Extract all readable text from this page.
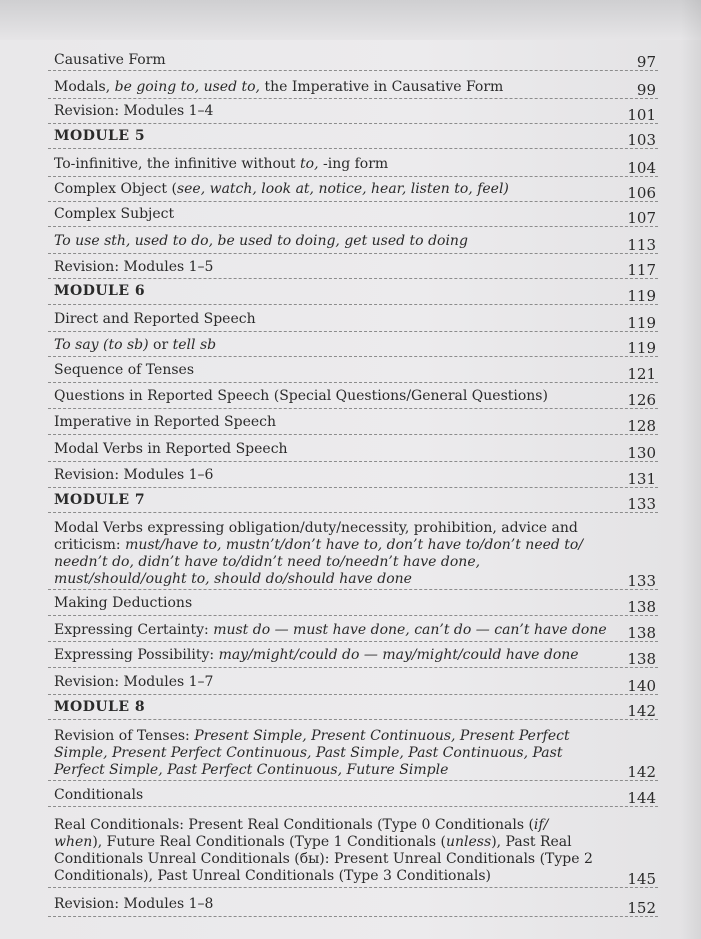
Causative Form	97
Modals, be going to, used to, the Imperative in Causative Form	99
Revision: Modules 1–4	101
MODULE 5	103
To-infinitive, the infinitive without to, -ing form	104
Complex Object (see, watch, look at, notice, hear, listen to, feel)	106
Complex Subject	107
To use sth, used to do, be used to doing, get used to doing	113
Revision: Modules 1–5	117
MODULE 6	119
Direct and Reported Speech	119
To say (to sb) or tell sb	119
Sequence of Tenses	121
Questions in Reported Speech (Special Questions/General Questions)	126
Imperative in Reported Speech	128
Modal Verbs in Reported Speech	130
Revision: Modules 1–6	131
MODULE 7	133
Modal Verbs expressing obligation/duty/necessity, prohibition, advice and criticism: must/have to, mustn’t/don’t have to, don’t have to/don’t need to/ needn’t do, didn’t have to/didn’t need to/needn’t have done, must/should/ought to, should do/should have done	133
Making Deductions	138
Expressing Certainty: must do — must have done, can’t do — can’t have done	138
Expressing Possibility: may/might/could do — may/might/could have done	138
Revision: Modules 1–7	140
MODULE 8	142
Revision of Tenses: Present Simple, Present Continuous, Present Perfect Simple, Present Perfect Continuous, Past Simple, Past Continuous, Past Perfect Simple, Past Perfect Continuous, Future Simple	142
Conditionals	144
Real Conditionals: Present Real Conditionals (Type 0 Conditionals (if/ when), Future Real Conditionals (Type 1 Conditionals (unless), Past Real Conditionals Unreal Conditionals (бы): Present Unreal Conditionals (Type 2 Conditionals), Past Unreal Conditionals (Type 3 Conditionals)	145
Revision: Modules 1–8	152
